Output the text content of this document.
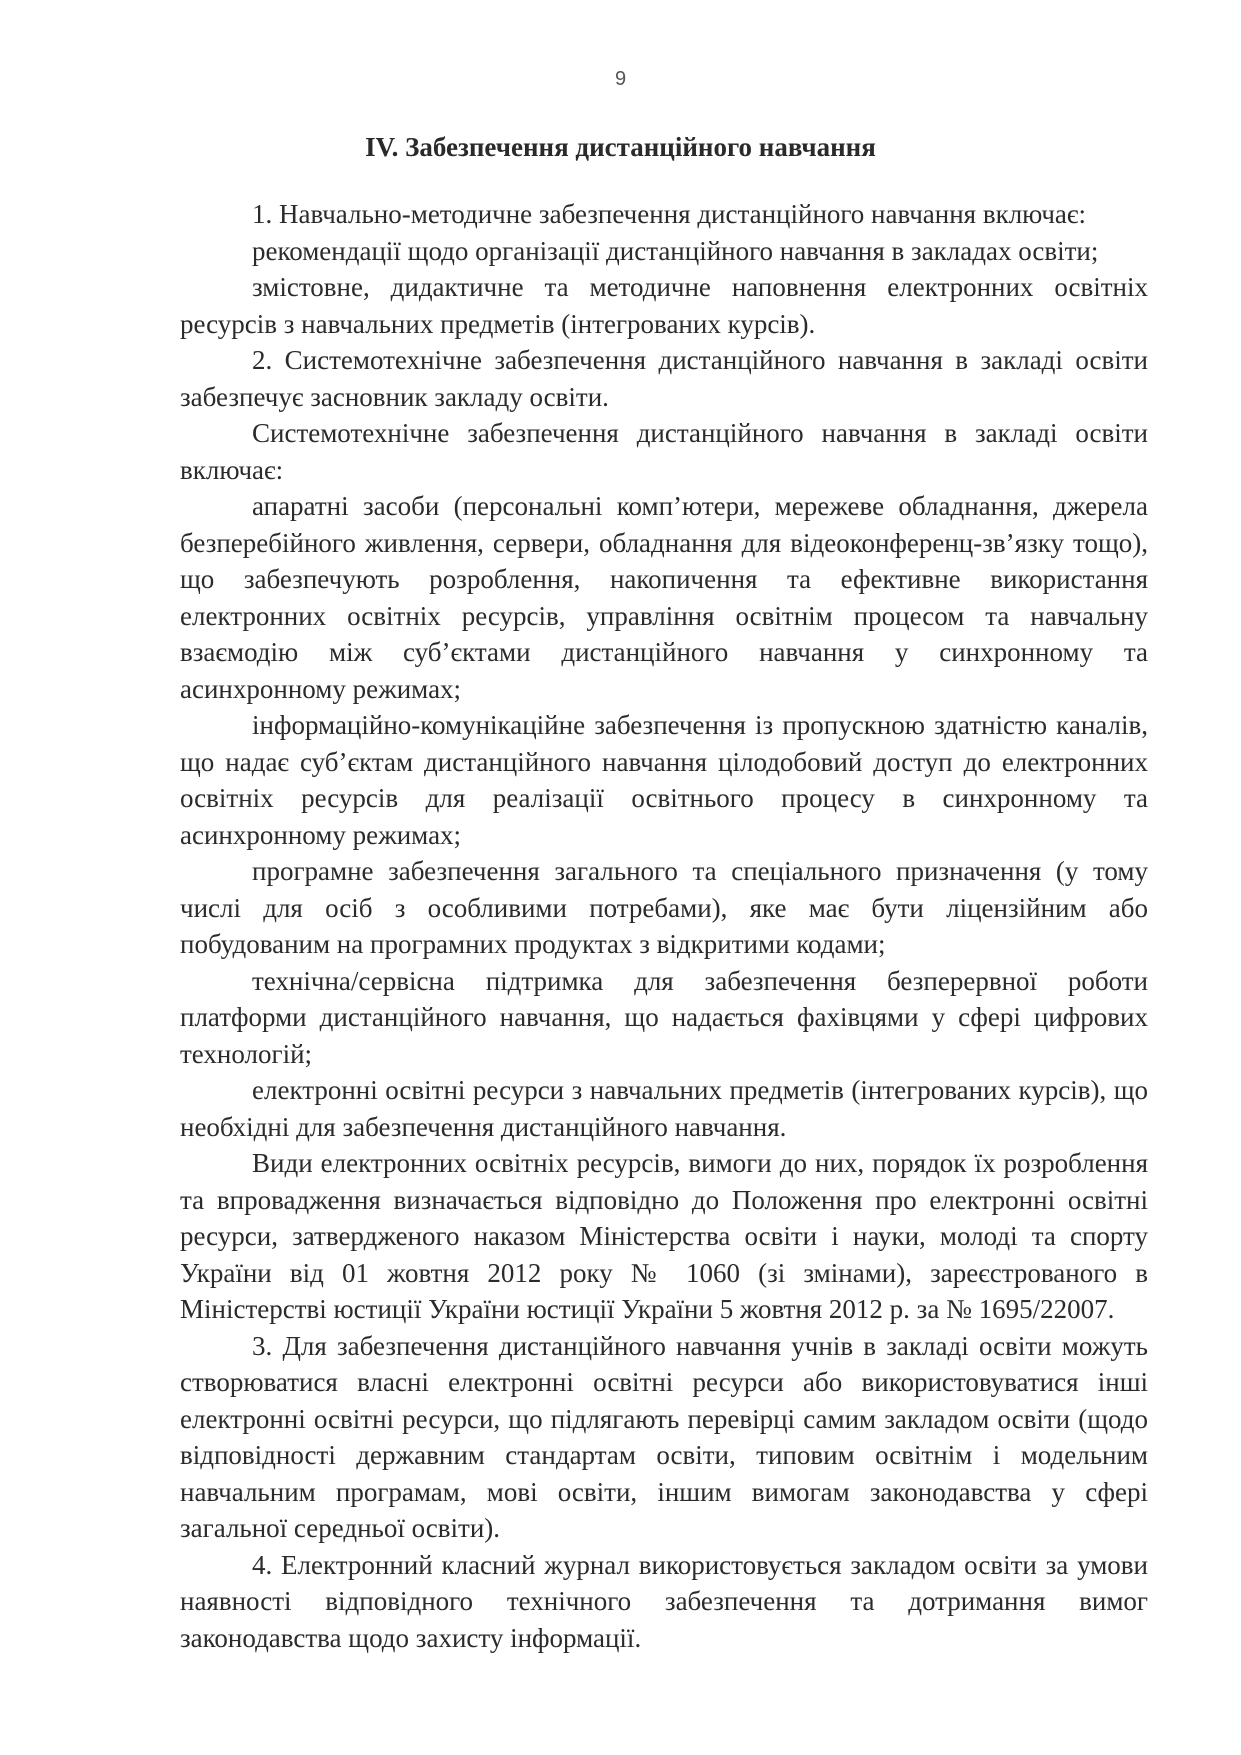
9
IV. Забезпечення дистанційного навчання

1. Навчально-методичне забезпечення дистанційного навчання включає:

рекомендації щодо організації дистанційного навчання в закладах освіти;

змістовне, дидактичне та методичне наповнення електронних освітніх ресурсів з навчальних предметів (інтегрованих курсів).

2. Системотехнічне забезпечення дистанційного навчання в закладі освіти забезпечує засновник закладу освіти.

Системотехнічне забезпечення дистанційного навчання в закладі освіти включає:

апаратні засоби (персональні комп’ютери, мережеве обладнання, джерела безперебійного живлення, сервери, обладнання для відеоконференц-зв’язку тощо), що забезпечують розроблення, накопичення та ефективне використання електронних освітніх ресурсів, управління освітнім процесом та навчальну взаємодію між суб’єктами дистанційного навчання у синхронному та асинхронному режимах;

інформаційно-комунікаційне забезпечення із пропускною здатністю каналів, що надає суб’єктам дистанційного навчання цілодобовий доступ до електронних освітніх ресурсів для реалізації освітнього процесу в синхронному та асинхронному режимах;

програмне забезпечення загального та спеціального призначення (у тому числі для осіб з особливими потребами), яке має бути ліцензійним або побудованим на програмних продуктах з відкритими кодами;

технічна/сервісна підтримка для забезпечення безперервної роботи платформи дистанційного навчання, що надається фахівцями у сфері цифрових технологій;

електронні освітні ресурси з навчальних предметів (інтегрованих курсів), що необхідні для забезпечення дистанційного навчання.

Види електронних освітніх ресурсів, вимоги до них, порядок їх розроблення та впровадження визначається відповідно до Положення про електронні освітні ресурси, затвердженого наказом Міністерства освіти і науки, молоді та спорту України від 01 жовтня 2012 року № 1060 (зі змінами), зареєстрованого в Міністерстві юстиції України юстиції України 5 жовтня 2012 р. за № 1695/22007.

3. Для забезпечення дистанційного навчання учнів в закладі освіти можуть створюватися власні електронні освітні ресурси або використовуватися інші електронні освітні ресурси, що підлягають перевірці самим закладом освіти (щодо відповідності державним стандартам освіти, типовим освітнім і модельним навчальним програмам, мові освіти, іншим вимогам законодавства у сфері загальної середньої освіти).

4. Електронний класний журнал використовується закладом освіти за умови наявності відповідного технічного забезпечення та дотримання вимог законодавства щодо захисту інформації.
